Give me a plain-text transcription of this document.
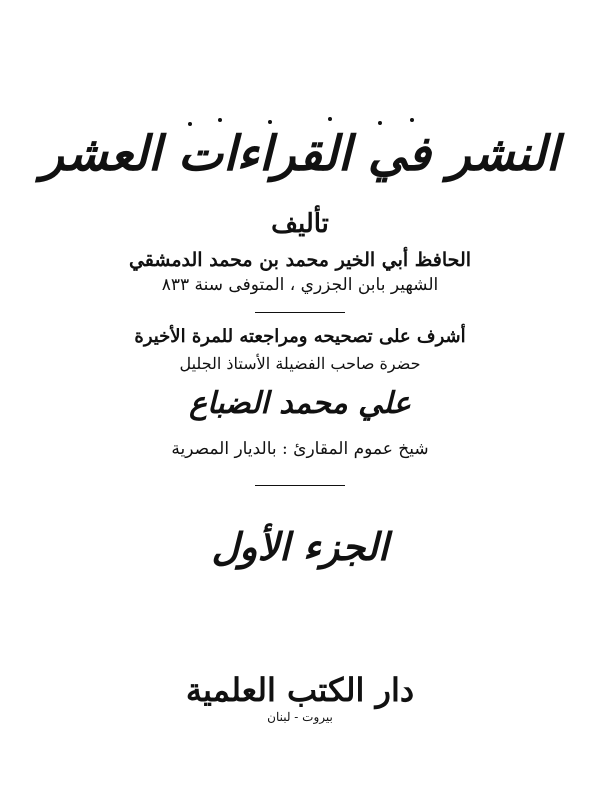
النشر في القراءات العشر
تأليف
الحافظ أبي الخير محمد بن محمد الدمشقي
الشهير بابن الجزري ، المتوفى سنة ٨٣٣
أشرف على تصحيحه ومراجعته للمرة الأخيرة
حضرة صاحب الفضيلة الأستاذ الجليل
علي محمد الضباع
شيخ عموم المقارئ : بالديار المصرية
الجزء الأول
دار الكتب العلمية
بيروت - لبنان
